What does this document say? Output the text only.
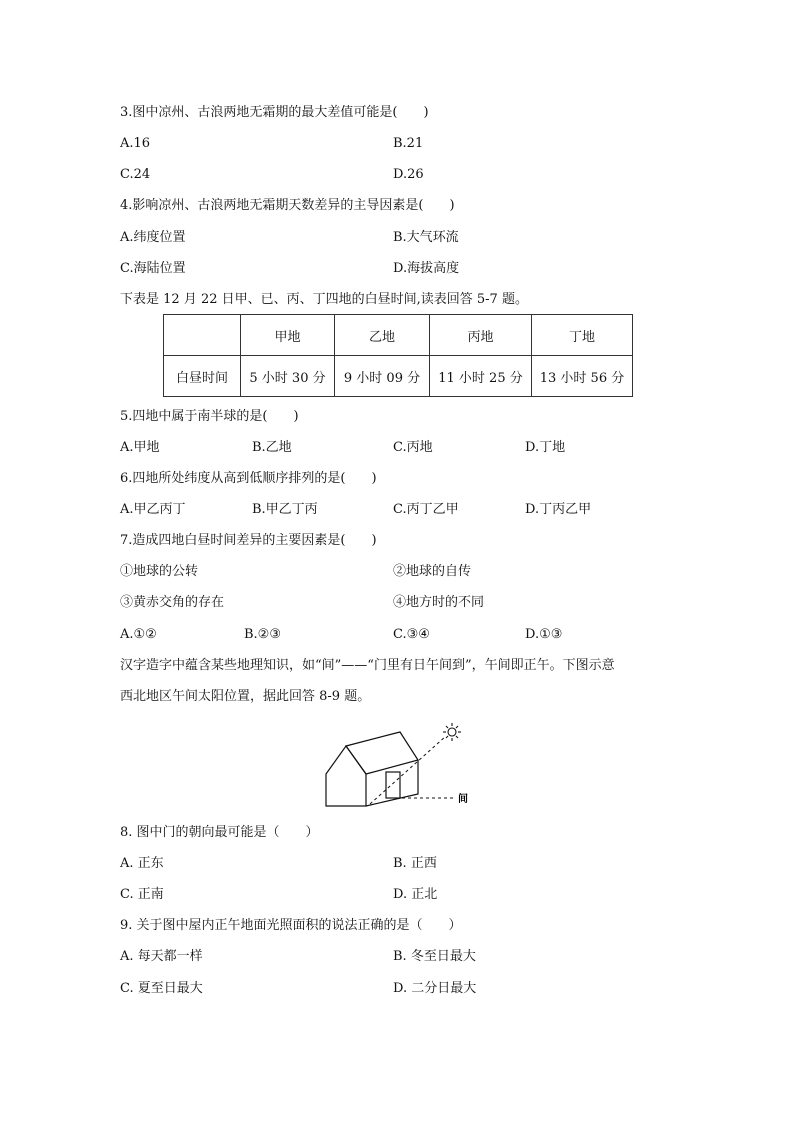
3.图中凉州、古浪两地无霜期的最大差值可能是(　　)
A.16	B.21
C.24	D.26
4.影响凉州、古浪两地无霜期天数差异的主导因素是(　　)
A.纬度位置	B.大气环流
C.海陆位置	D.海拔高度
下表是 12 月 22 日甲、已、丙、丁四地的白昼时间,读表回答 5-7 题。
	甲地	乙地	丙地	丁地
白昼时间	5 小时 30 分	9 小时 09 分	11 小时 25 分	13 小时 56 分
5.四地中属于南半球的是(　　)
A.甲地	B.乙地	C.丙地	D.丁地
6.四地所处纬度从高到低顺序排列的是(　　)
A.甲乙丙丁	B.甲乙丁丙	C.丙丁乙甲	D.丁丙乙甲
7.造成四地白昼时间差异的主要因素是(　　)
①地球的公转	②地球的自传
③黄赤交角的存在	④地方时的不同
A.①②	B.②③	C.③④	D.①③
汉字造字中蕴含某些地理知识，如“间”——“门里有日午间到”，午间即正午。下图示意
西北地区午间太阳位置，据此回答 8-9 题。
间
8. 图中门的朝向最可能是（　　）
A. 正东	B. 正西
C. 正南	D. 正北
9. 关于图中屋内正午地面光照面积的说法正确的是（　　）
A. 每天都一样	B. 冬至日最大
C. 夏至日最大	D. 二分日最大
